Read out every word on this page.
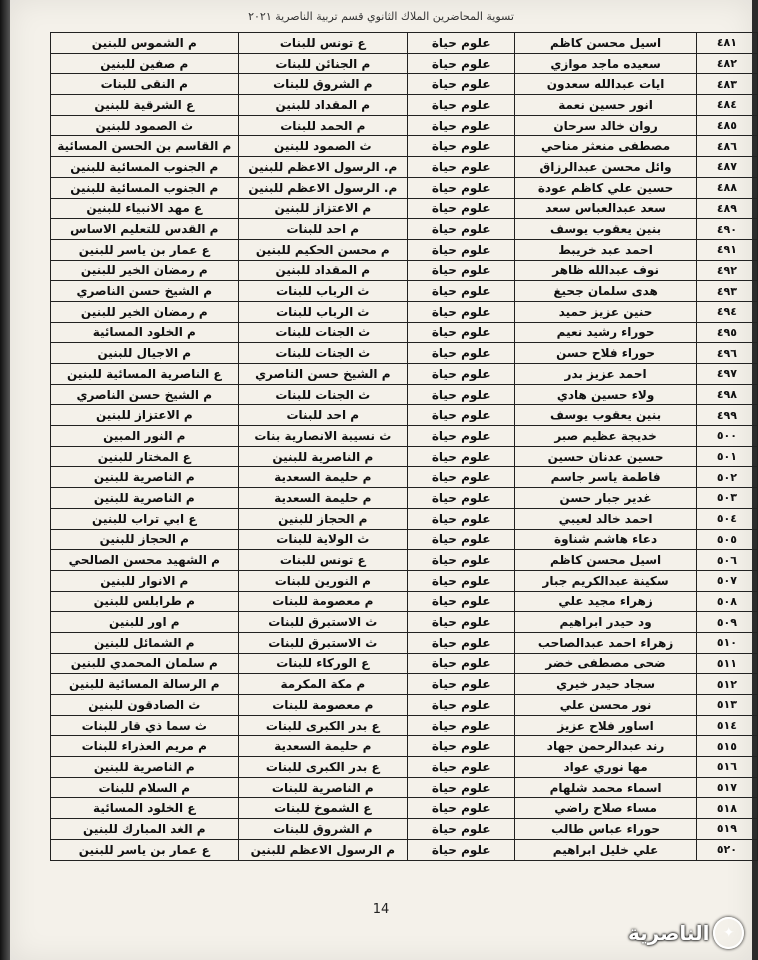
تسوية المحاضرين الملاك الثانوي قسم تربية الناصرية ٢٠٢١
٤٨١	اسيل محسن كاظم	علوم حياة	ع تونس للبنات	م الشموس للبنين
٤٨٢	سعيده ماجد موازي	علوم حياة	م الجنائن للبنات	م صفين للبنين
٤٨٣	ايات عبدالله سعدون	علوم حياة	م الشروق للبنات	م النقى للبنات
٤٨٤	انور حسين نعمة	علوم حياة	م المقداد للبنين	ع الشرقية للبنين
٤٨٥	روان خالد سرحان	علوم حياة	م الحمد للبنات	ث الصمود للبنين
٤٨٦	مصطفى منعثر مناحي	علوم حياة	ث الصمود للبنين	م القاسم بن الحسن المسائية
٤٨٧	وائل محسن عبدالرزاق	علوم حياة	م. الرسول الاعظم للبنين	م الجنوب المسائية للبنين
٤٨٨	حسين علي كاظم عودة	علوم حياة	م. الرسول الاعظم للبنين	م الجنوب المسائية للبنين
٤٨٩	سعد عبدالعباس سعد	علوم حياة	م الاعتزاز للبنين	ع مهد الانبياء للبنين
٤٩٠	بنين يعقوب يوسف	علوم حياة	م احد للبنات	م القدس للتعليم الاساس
٤٩١	احمد عبد خريبط	علوم حياة	م محسن الحكيم للبنين	ع عمار بن ياسر للبنين
٤٩٢	نوف عبدالله ظاهر	علوم حياة	م المقداد للبنين	م رمضان الخير للبنين
٤٩٣	هدى سلمان جحيغ	علوم حياة	ث الرباب للبنات	م الشيخ حسن الناصري
٤٩٤	حنين عزيز حميد	علوم حياة	ث الرباب للبنات	م رمضان الخير للبنين
٤٩٥	حوراء رشيد نعيم	علوم حياة	ث الجنات للبنات	م الخلود المسائية
٤٩٦	حوراء فلاح حسن	علوم حياة	ث الجنات للبنات	م الاجيال للبنين
٤٩٧	احمد عزيز بدر	علوم حياة	م الشيخ حسن الناصري	ع الناصرية المسائية للبنين
٤٩٨	ولاء حسين هادي	علوم حياة	ث الجنات للبنات	م الشيخ حسن الناصري
٤٩٩	بنين يعقوب يوسف	علوم حياة	م احد للبنات	م الاعتزاز للبنين
٥٠٠	خديجة عظيم صبر	علوم حياة	ث نسيبة الانصارية بنات	م النور المبين
٥٠١	حسين عدنان حسين	علوم حياة	م الناصرية للبنين	ع المختار للبنين
٥٠٢	فاطمة ياسر جاسم	علوم حياة	م حليمة السعدية	م الناصرية للبنين
٥٠٣	غدير جبار حسن	علوم حياة	م حليمة السعدية	م الناصرية للبنين
٥٠٤	احمد خالد لعيبي	علوم حياة	م الحجاز للبنين	ع ابي تراب للبنين
٥٠٥	دعاء هاشم شناوة	علوم حياة	ث الولاية للبنات	م الحجاز للبنين
٥٠٦	اسيل محسن كاظم	علوم حياة	ع تونس للبنات	م الشهيد محسن الصالحي
٥٠٧	سكينة عبدالكريم جبار	علوم حياة	م النورين للبنات	م الانوار للبنين
٥٠٨	زهراء مجيد علي	علوم حياة	م معصومة للبنات	م طرابلس للبنين
٥٠٩	ود حيدر ابراهيم	علوم حياة	ث الاستبرق للبنات	م اور للبنين
٥١٠	زهراء احمد عبدالصاحب	علوم حياة	ث الاستبرق للبنات	م الشمائل للبنين
٥١١	ضحى مصطفى خضر	علوم حياة	ع الوركاء للبنات	م سلمان المحمدي للبنين
٥١٢	سجاد حيدر خيري	علوم حياة	م مكة المكرمة	م الرسالة المسائية للبنين
٥١٣	نور محسن علي	علوم حياة	م معصومة للبنات	ث الصادقون للبنين
٥١٤	اساور فلاح عزيز	علوم حياة	ع بدر الكبرى للبنات	ث سما ذي قار للبنات
٥١٥	رند عبدالرحمن جهاد	علوم حياة	م حليمة السعدية	م مريم العذراء للبنات
٥١٦	مها نوري عواد	علوم حياة	ع بدر الكبرى للبنات	م الناصرية للبنين
٥١٧	اسماء محمد شلهام	علوم حياة	م الناصرية للبنات	م السلام للبنات
٥١٨	مساء صلاح راضي	علوم حياة	ع الشموخ للبنات	ع الخلود المسائية
٥١٩	حوراء عباس طالب	علوم حياة	م الشروق للبنات	م الغد المبارك للبنين
٥٢٠	علي خليل ابراهيم	علوم حياة	م الرسول الاعظم للبنين	ع عمار بن ياسر للبنين
14
✦
الناصرية
